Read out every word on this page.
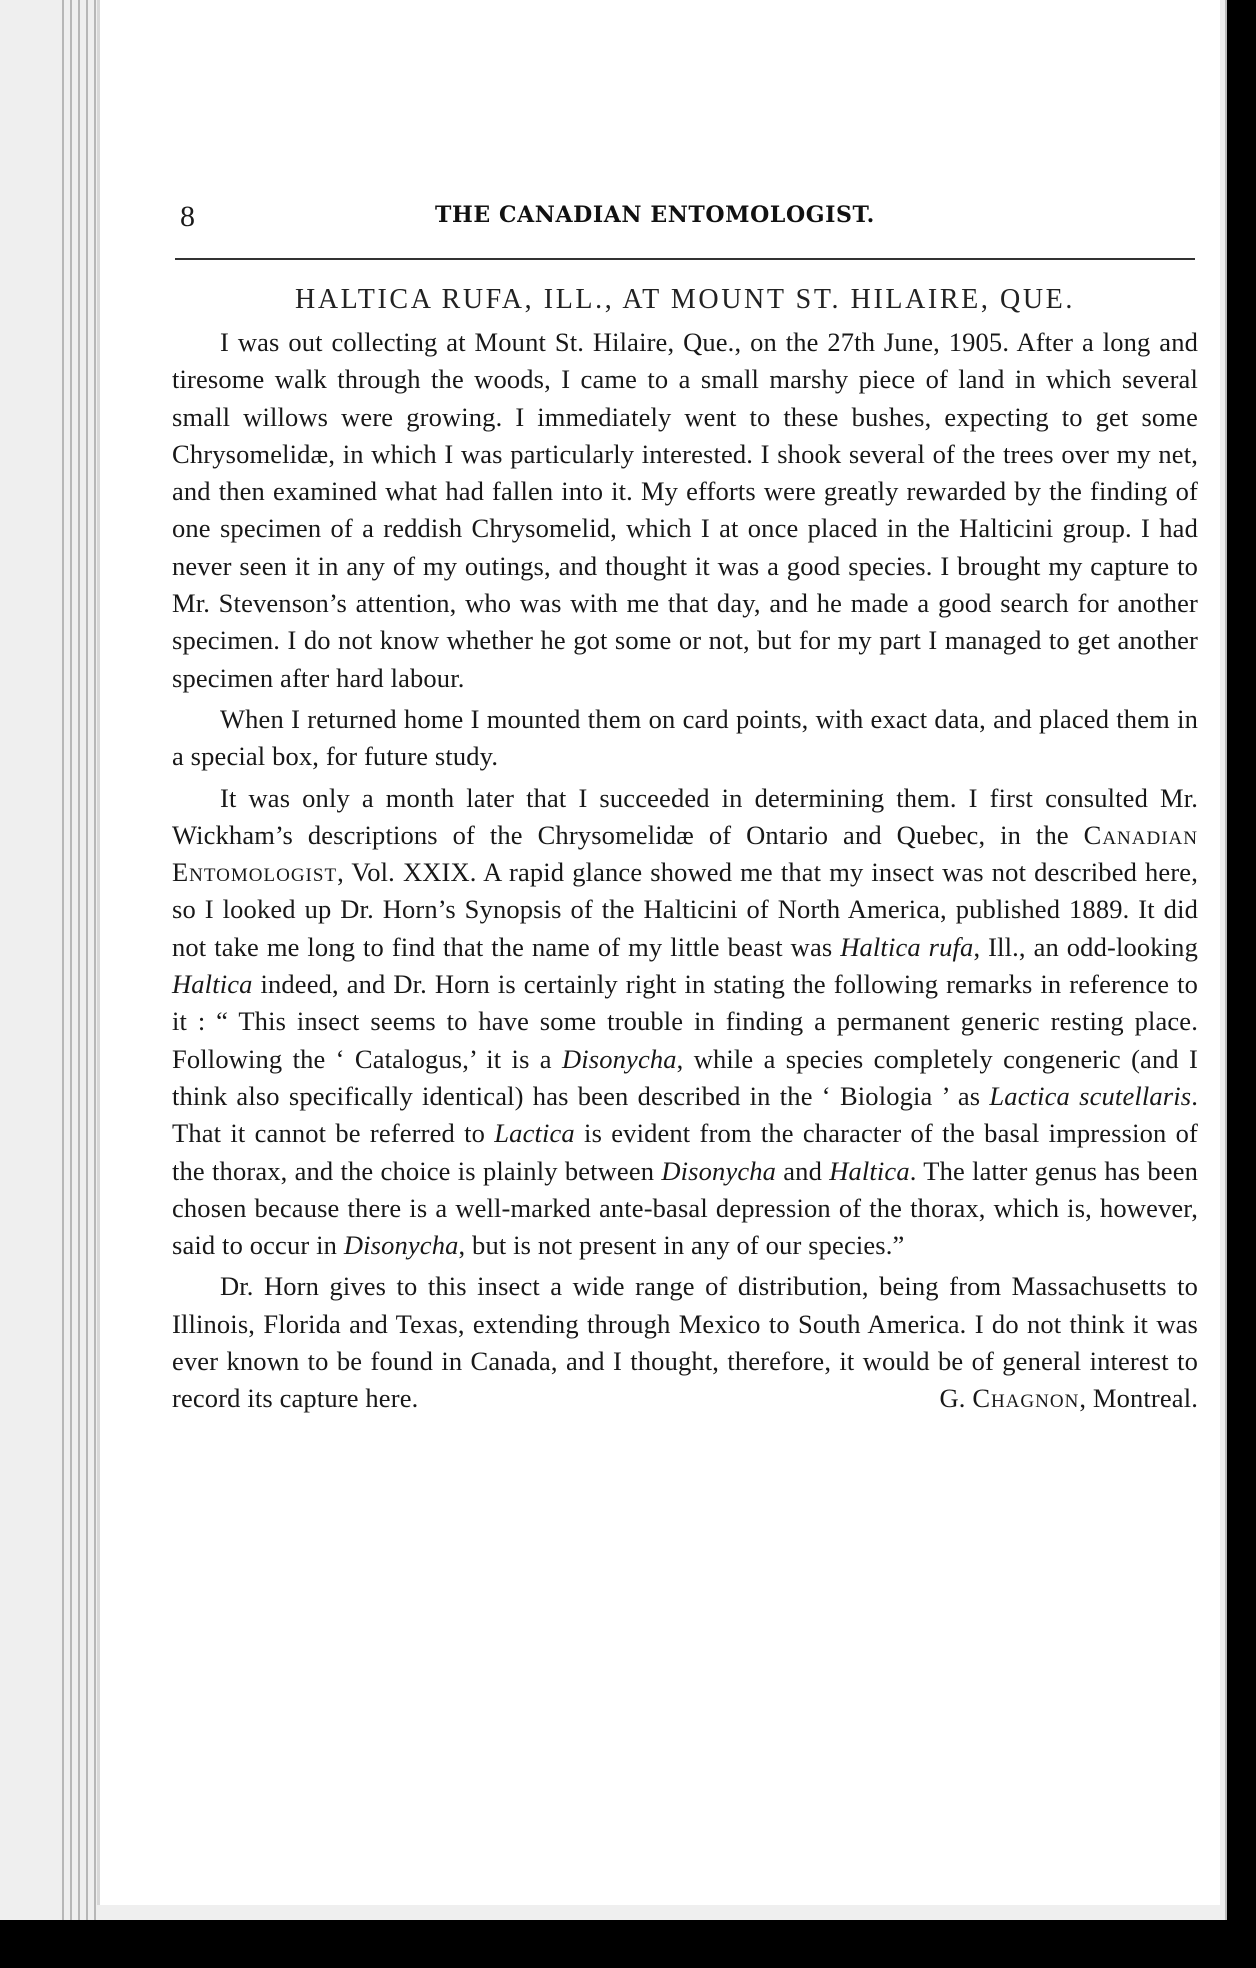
8	THE CANADIAN ENTOMOLOGIST.
HALTICA RUFA, ILL., AT MOUNT ST. HILAIRE, QUE.

I was out collecting at Mount St. Hilaire, Que., on the 27th June, 1905. After a long and tiresome walk through the woods, I came to a small marshy piece of land in which several small willows were growing. I immediately went to these bushes, expecting to get some Chrysomelidæ, in which I was particularly interested. I shook several of the trees over my net, and then examined what had fallen into it. My efforts were greatly rewarded by the finding of one specimen of a reddish Chrysomelid, which I at once placed in the Halticini group. I had never seen it in any of my outings, and thought it was a good species. I brought my capture to Mr. Stevenson’s attention, who was with me that day, and he made a good search for another specimen. I do not know whether he got some or not, but for my part I managed to get another specimen after hard labour.

When I returned home I mounted them on card points, with exact data, and placed them in a special box, for future study.

It was only a month later that I succeeded in determining them. I first consulted Mr. Wickham’s descriptions of the Chrysomelidæ of Ontario and Quebec, in the Canadian Entomologist, Vol. XXIX. A rapid glance showed me that my insect was not described here, so I looked up Dr. Horn’s Synopsis of the Halticini of North America, published 1889. It did not take me long to find that the name of my little beast was Haltica rufa, Ill., an odd-looking Haltica indeed, and Dr. Horn is certainly right in stating the following remarks in reference to it : “ This insect seems to have some trouble in finding a permanent generic resting place. Following the ‘ Catalogus,’ it is a Disonycha, while a species completely congeneric (and I think also specifically identical) has been described in the ‘ Biologia ’ as Lactica scutellaris. That it cannot be referred to Lactica is evident from the character of the basal impression of the thorax, and the choice is plainly between Disonycha and Haltica. The latter genus has been chosen because there is a well-marked ante-basal depression of the thorax, which is, however, said to occur in Disonycha, but is not present in any of our species.”

Dr. Horn gives to this insect a wide range of distribution, being from Massachusetts to Illinois, Florida and Texas, extending through Mexico to South America. I do not think it was ever known to be found in Canada, and I thought, therefore, it would be of general interest to record its capture here.	G. Chagnon, Montreal.
